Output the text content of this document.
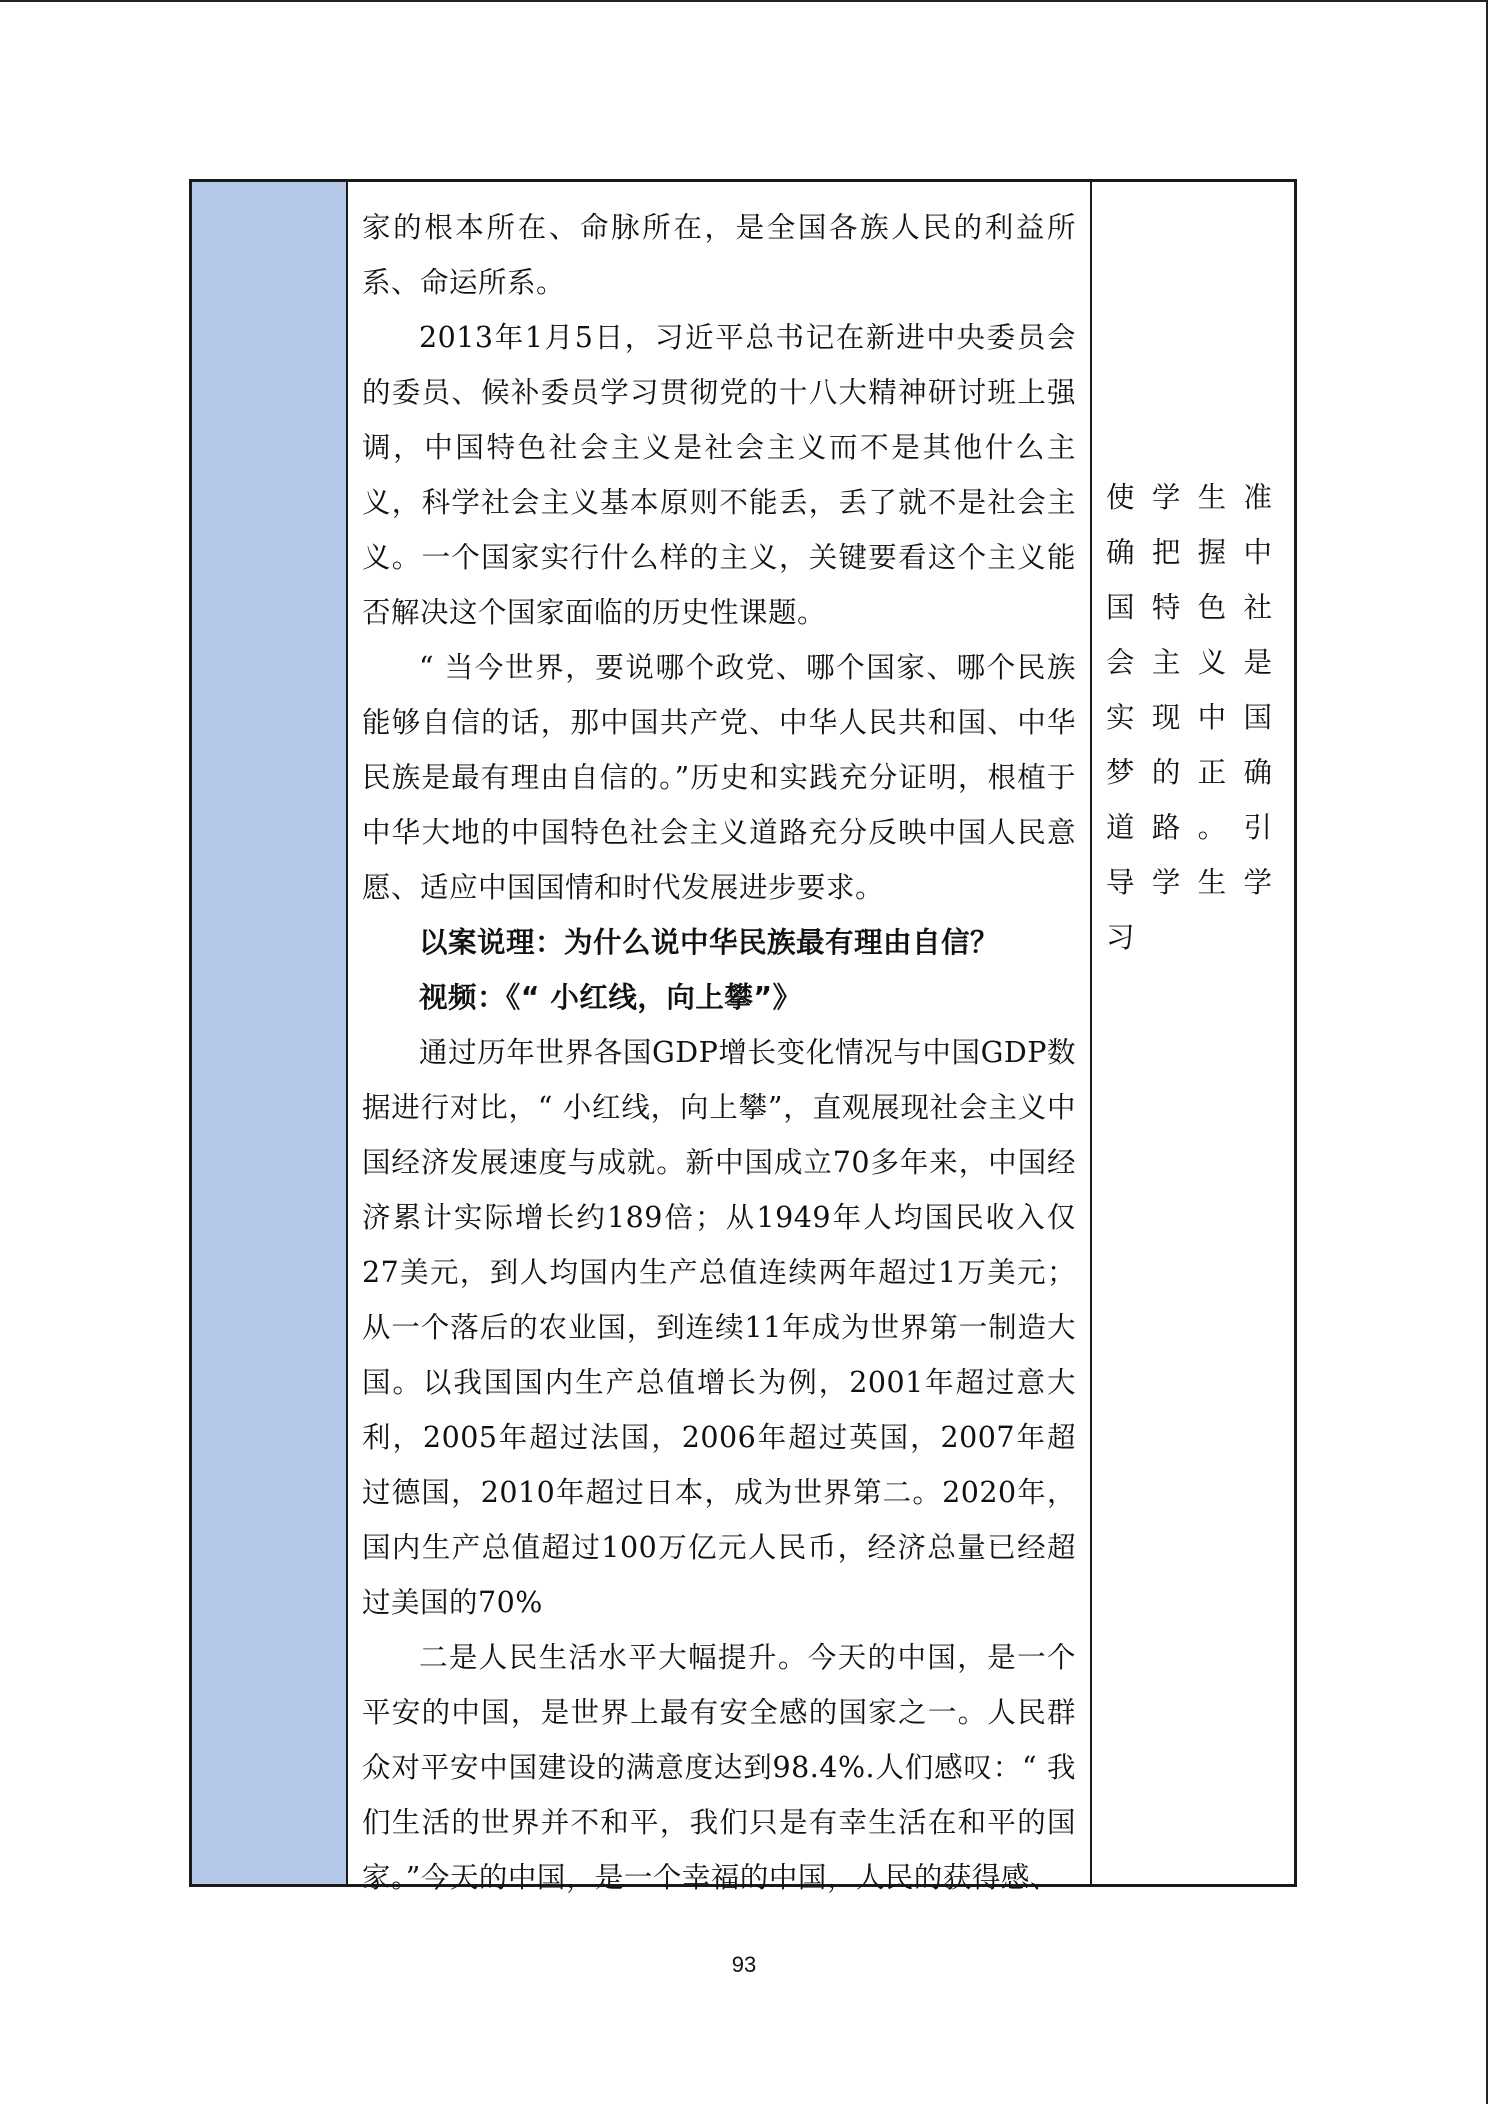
家的根本所在、命脉所在，是全国各族人民的利益所系、命运所系。

2013年1月5日，习近平总书记在新进中央委员会的委员、候补委员学习贯彻党的十八大精神研讨班上强调，中国特色社会主义是社会主义而不是其他什么主义，科学社会主义基本原则不能丢，丢了就不是社会主义。一个国家实行什么样的主义，关键要看这个主义能否解决这个国家面临的历史性课题。

“ 当今世界，要说哪个政党、哪个国家、哪个民族能够自信的话，那中国共产党、中华人民共和国、中华民族是最有理由自信的。”历史和实践充分证明，根植于中华大地的中国特色社会主义道路充分反映中国人民意愿、适应中国国情和时代发展进步要求。

以案说理：为什么说中华民族最有理由自信？

视频：《“ 小红线，向上攀”》

通过历年世界各国GDP增长变化情况与中国GDP数据进行对比，“ 小红线，向上攀”，直观展现社会主义中国经济发展速度与成就。新中国成立70多年来，中国经济累计实际增长约189倍；从1949年人均国民收入仅27美元，到人均国内生产总值连续两年超过1万美元；从一个落后的农业国，到连续11年成为世界第一制造大国。以我国国内生产总值增长为例，2001年超过意大利，2005年超过法国，2006年超过英国，2007年超过德国，2010年超过日本，成为世界第二。2020年，国内生产总值超过100万亿元人民币，经济总量已经超过美国的70%

二是人民生活水平大幅提升。今天的中国，是一个平安的中国，是世界上最有安全感的国家之一。人民群众对平安中国建设的满意度达到98.4%.人们感叹：“ 我们生活的世界并不和平，我们只是有幸生活在和平的国家。”今天的中国，是一个幸福的中国，人民的获得感、

使学生准确把握中国特色社会主义是实现中国梦的正确道路。引导学生学习

93
